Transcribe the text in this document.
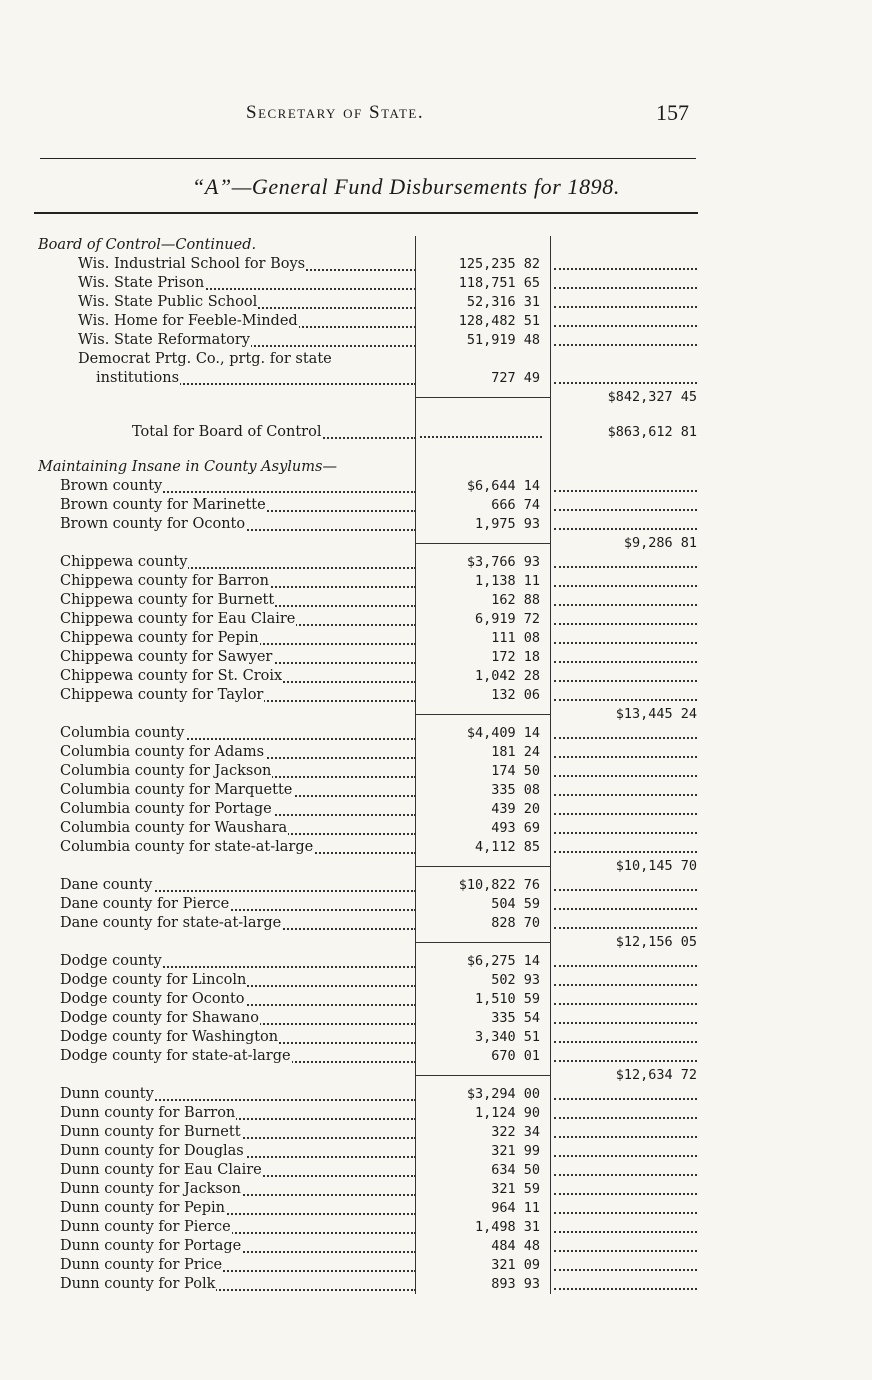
Secretary of State.	157
“A”—General Fund Disbursements for 1898.
Board of Control—Continued.
Wis. Industrial School for Boys	125,235 82
Wis. State Prison	118,751 65
Wis. State Public School	52,316 31
Wis. Home for Feeble-Minded	128,482 51
Wis. State Reformatory	51,919 48
Democrat Prtg. Co., prtg. for state
institutions	727 49
$842,327 45
Total for Board of Control	$863,612 81
Maintaining Insane in County Asylums—
Brown county	$6,644 14
Brown county for Marinette	666 74
Brown county for Oconto	1,975 93
$9,286 81
Chippewa county	$3,766 93
Chippewa county for Barron	1,138 11
Chippewa county for Burnett	162 88
Chippewa county for Eau Claire	6,919 72
Chippewa county for Pepin	111 08
Chippewa county for Sawyer	172 18
Chippewa county for St. Croix	1,042 28
Chippewa county for Taylor	132 06
$13,445 24
Columbia county	$4,409 14
Columbia county for Adams	181 24
Columbia county for Jackson	174 50
Columbia county for Marquette	335 08
Columbia county for Portage	439 20
Columbia county for Waushara	493 69
Columbia county for state-at-large	4,112 85
$10,145 70
Dane county	$10,822 76
Dane county for Pierce	504 59
Dane county for state-at-large	828 70
$12,156 05
Dodge county	$6,275 14
Dodge county for Lincoln	502 93
Dodge county for Oconto	1,510 59
Dodge county for Shawano	335 54
Dodge county for Washington	3,340 51
Dodge county for state-at-large	670 01
$12,634 72
Dunn county	$3,294 00
Dunn county for Barron	1,124 90
Dunn county for Burnett	322 34
Dunn county for Douglas	321 99
Dunn county for Eau Claire	634 50
Dunn county for Jackson	321 59
Dunn county for Pepin	964 11
Dunn county for Pierce	1,498 31
Dunn county for Portage	484 48
Dunn county for Price	321 09
Dunn county for Polk	893 93
